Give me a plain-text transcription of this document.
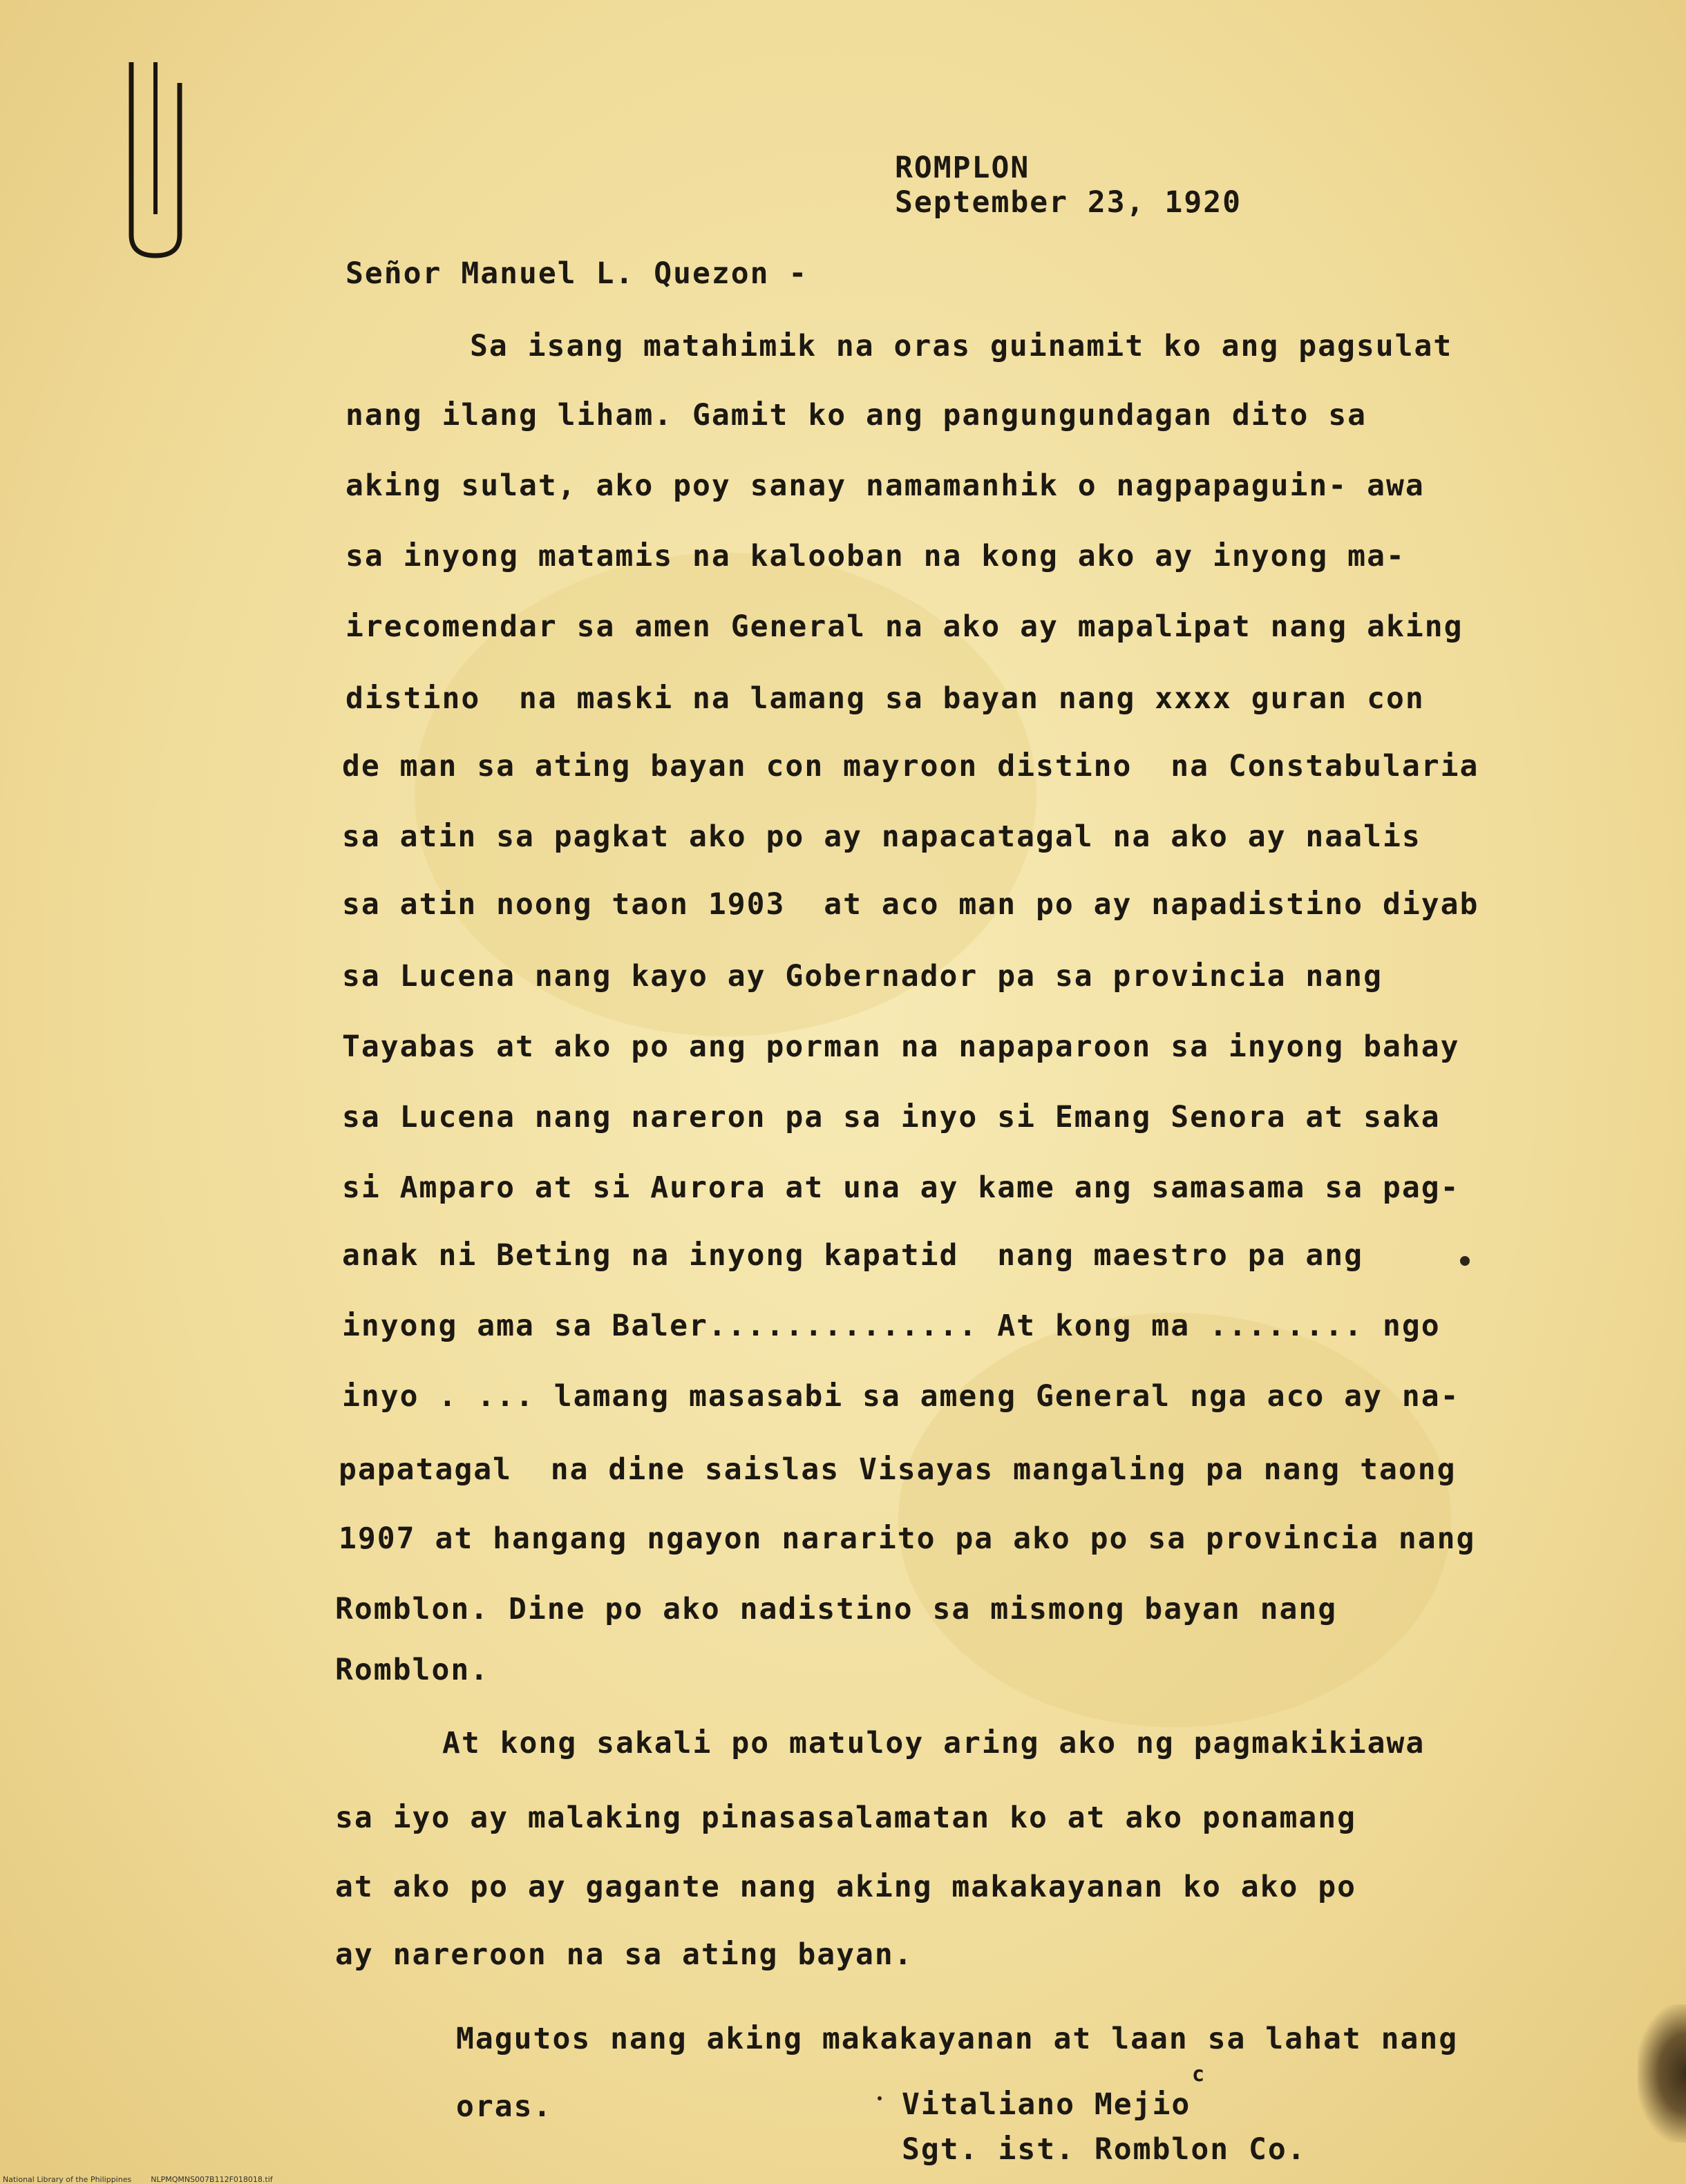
ROMPLON
September 23, 1920
Señor Manuel L. Quezon -
Sa isang matahimik na oras guinamit ko ang pagsulat
nang ilang liham. Gamit ko ang pangungundagan dito sa
aking sulat, ako poy sanay namamanhik o nagpapaguin- awa
sa inyong matamis na kalooban na kong ako ay inyong ma-
irecomendar sa amen General na ako ay mapalipat nang aking
distino  na maski na lamang sa bayan nang xxxx guran con
de man sa ating bayan con mayroon distino  na Constabularia
sa atin sa pagkat ako po ay napacatagal na ako ay naalis
sa atin noong taon 1903  at aco man po ay napadistino diyab
sa Lucena nang kayo ay Gobernador pa sa provincia nang
Tayabas at ako po ang porman na napaparoon sa inyong bahay
sa Lucena nang nareron pa sa inyo si Emang Senora at saka
si Amparo at si Aurora at una ay kame ang samasama sa pag-
anak ni Beting na inyong kapatid  nang maestro pa ang
inyong ama sa Baler.............. At kong ma ........ ngo
inyo . ... lamang masasabi sa ameng General nga aco ay na-
papatagal  na dine saislas Visayas mangaling pa nang taong
1907 at hangang ngayon nararito pa ako po sa provincia nang
Romblon. Dine po ako nadistino sa mismong bayan nang
Romblon.
At kong sakali po matuloy aring ako ng pagmakikiawa
sa iyo ay malaking pinasasalamatan ko at ako ponamang
at ako po ay gagante nang aking makakayanan ko ako po
ay nareroon na sa ating bayan.
Magutos nang aking makakayanan at laan sa lahat nang
oras.	Vitaliano Mejio
c
Sgt. ist. Romblon Co.
National Library of the Philippines	NLPMQMNS007B112F018018.tif
